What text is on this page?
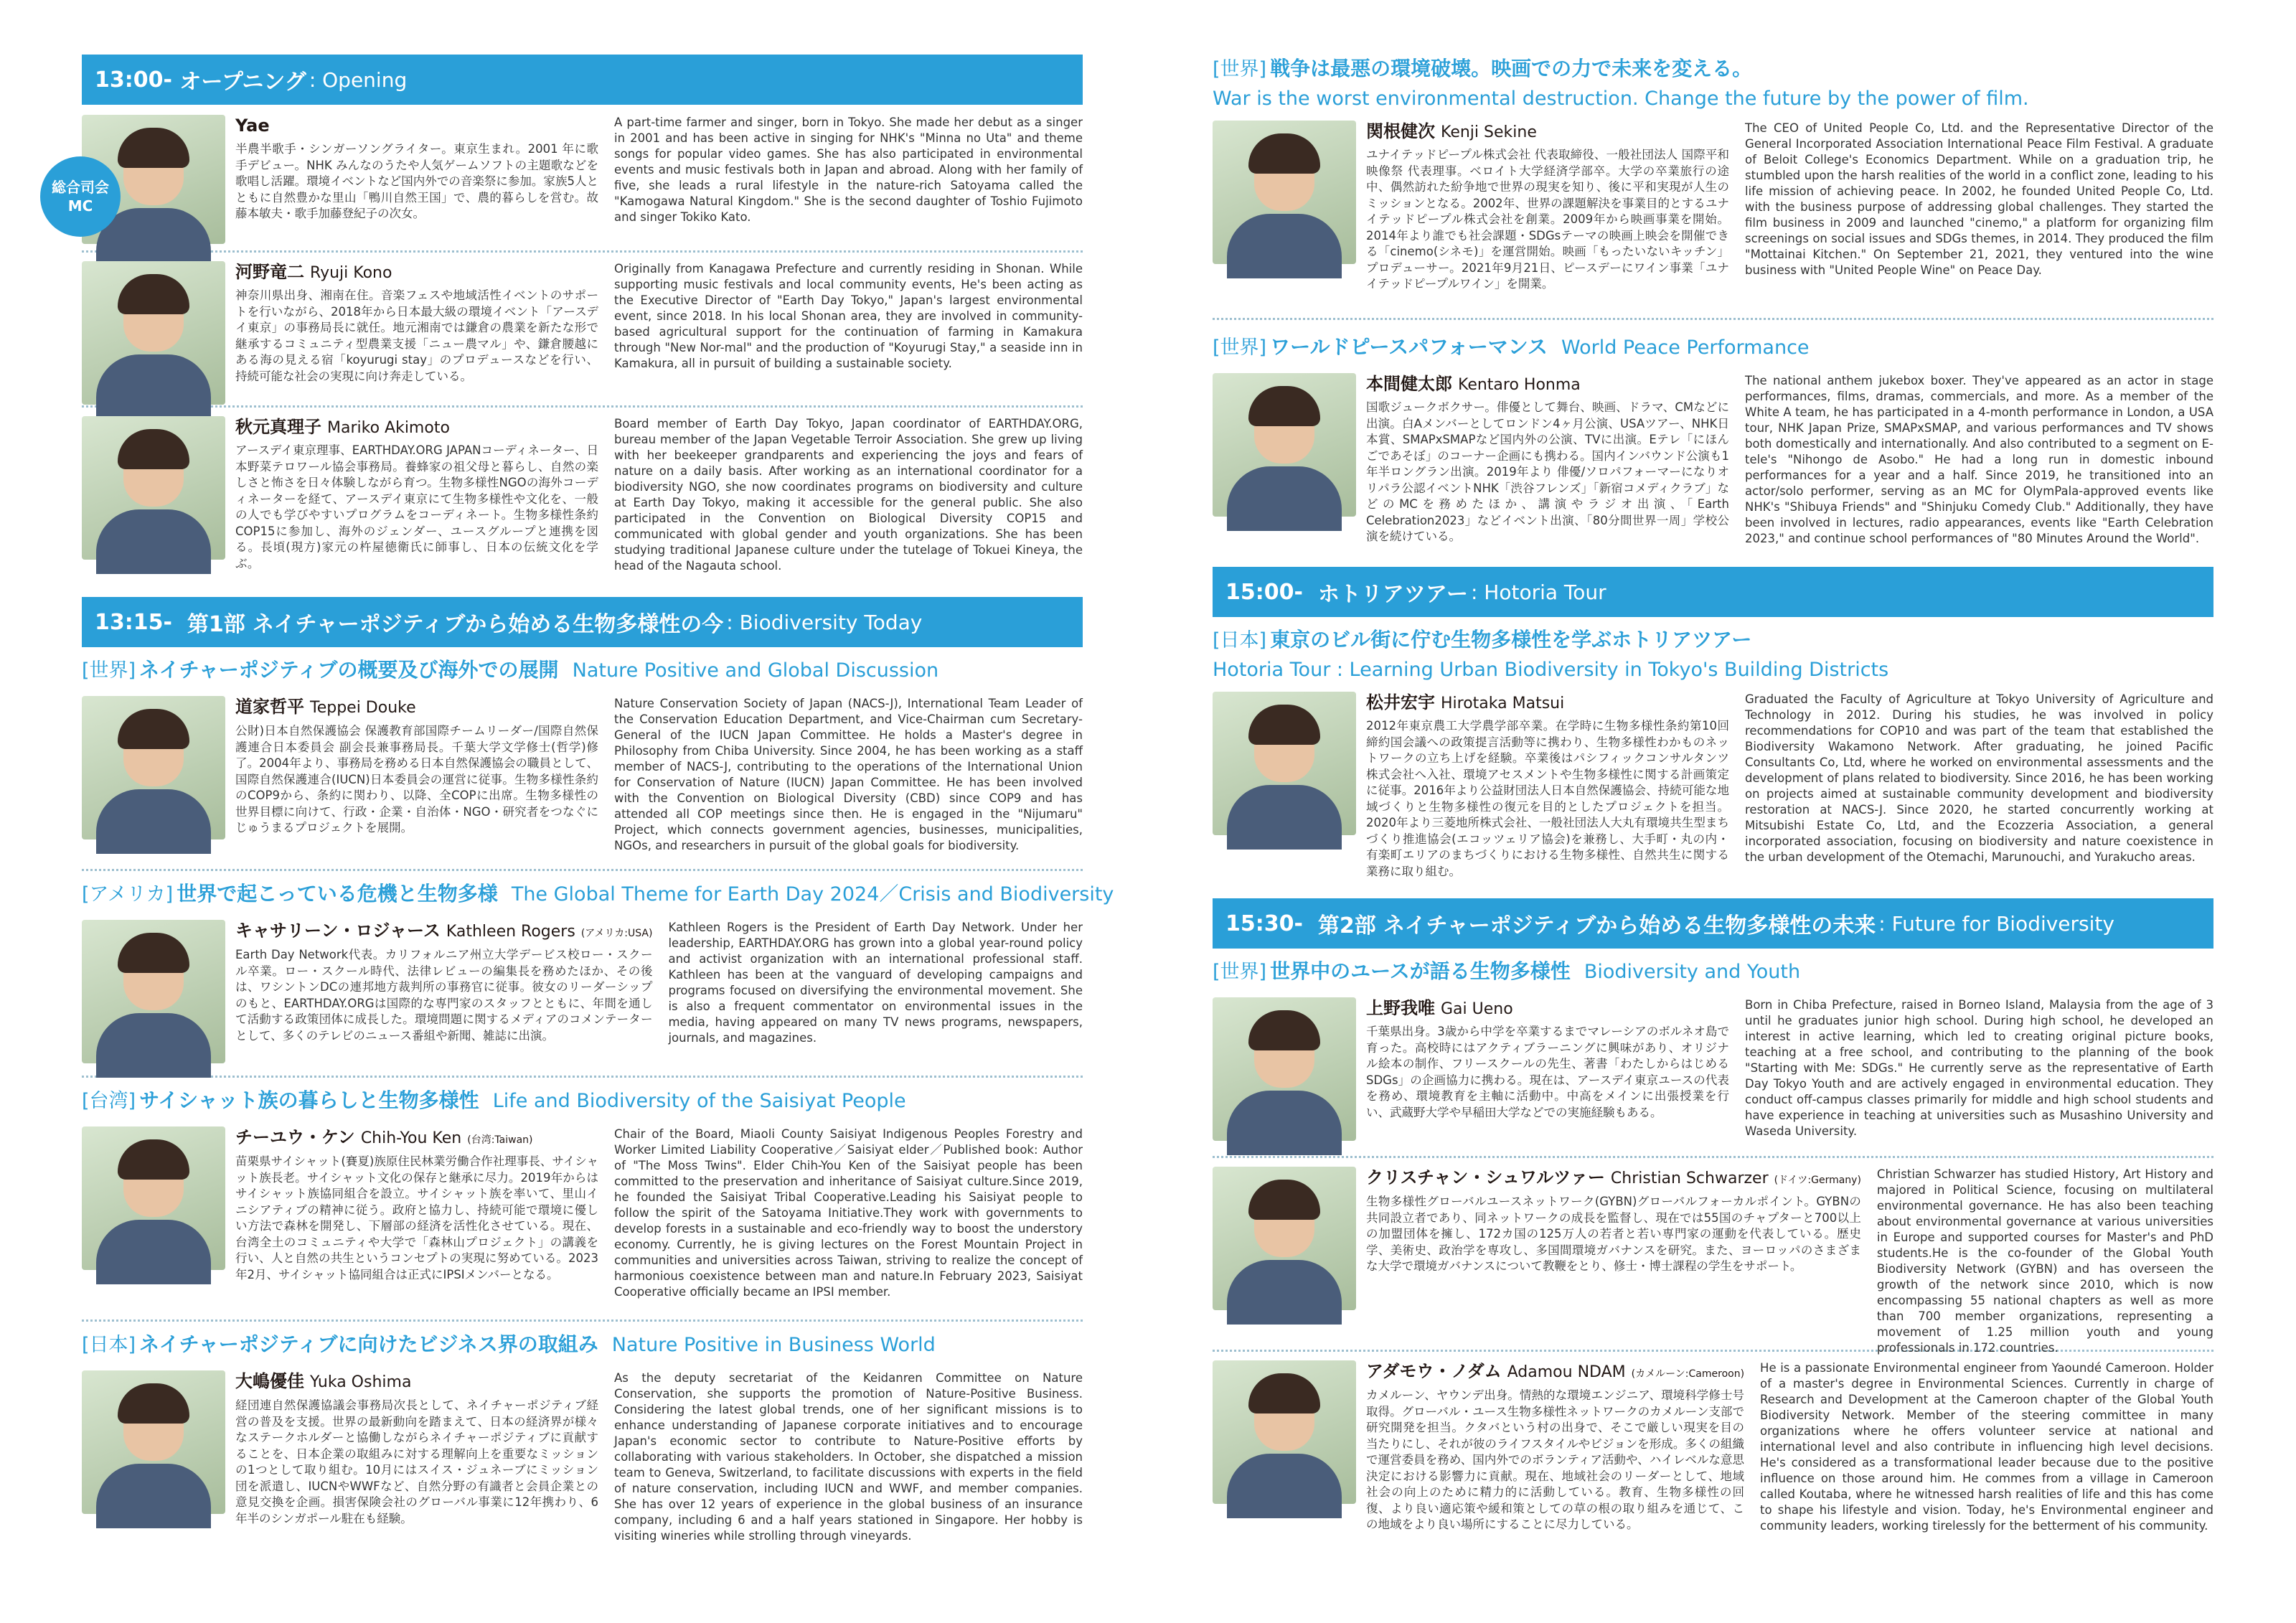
13:00-
オープニング : Opening
総合司会
MC
Yae
半農半歌手・シンガーソングライター。東京生まれ。2001 年に歌手デビュー。NHK みんなのうたや人気ゲームソフトの主題歌などを歌唱し活躍。環境イベントなど国内外での音楽祭に参加。家族5人とともに自然豊かな里山「鴨川自然王国」で、農的暮らしを営む。故藤本敏夫・歌手加藤登紀子の次女。
A part-time farmer and singer, born in Tokyo. She made her debut as a singer in 2001 and has been active in singing for NHK's "Minna no Uta" and theme songs for popular video games. She has also participated in environmental events and music festivals both in Japan and abroad. Along with her family of five, she leads a rural lifestyle in the nature-rich Satoyama called the "Kamogawa Natural Kingdom." She is the second daughter of Toshio Fujimoto and singer Tokiko Kato.
河野竜二 Ryuji Kono
神奈川県出身、湘南在住。音楽フェスや地域活性イベントのサポートを行いながら、2018年から日本最大級の環境イベント「アースデイ東京」の事務局長に就任。地元湘南では鎌倉の農業を新たな形で継承するコミュニティ型農業支援「ニュー農マル」や、鎌倉腰越にある海の見える宿「koyurugi stay」のプロデュースなどを行い、持続可能な社会の実現に向け奔走している。
Originally from Kanagawa Prefecture and currently residing in Shonan. While supporting music festivals and local community events, He's been acting as the Executive Director of "Earth Day Tokyo," Japan's largest environmental event, since 2018. In his local Shonan area, they are involved in community-based agricultural support for the continuation of farming in Kamakura through "New Nor-mal" and the production of "Koyurugi Stay," a seaside inn in Kamakura, all in pursuit of building a sustainable society.
秋元真理子 Mariko Akimoto
アースデイ東京理事、EARTHDAY.ORG JAPANコーディネーター、日本野菜テロワール協会事務局。養蜂家の祖父母と暮らし、自然の楽しさと怖さを日々体験しながら育つ。生物多様性NGOの海外コーディネーターを経て、アースデイ東京にて生物多様性や文化を、一般の人でも学びやすいプログラムをコーディネート。生物多様性条約COP15に参加し、海外のジェンダー、ユースグループと連携を図る。長頃(現方)家元の杵屋徳衛氏に師事し、日本の伝統文化を学ぶ。
Board member of Earth Day Tokyo, Japan coordinator of EARTHDAY.ORG, bureau member of the Japan Vegetable Terroir Association. She grew up living with her beekeeper grandparents and experiencing the joys and fears of nature on a daily basis. After working as an international coordinator for a biodiversity NGO, she now coordinates programs on biodiversity and culture at Earth Day Tokyo, making it accessible for the general public. She also participated in the Convention on Biological Diversity COP15 and communicated with global gender and youth organizations. She has been studying traditional Japanese culture under the tutelage of Tokuei Kineya, the head of the Nagauta school.
13:15-
第1部 ネイチャーポジティブから始める生物多様性の今 : Biodiversity Today
[世界] ネイチャーポジティブの概要及び海外での展開 Nature Positive and Global Discussion
道家哲平 Teppei Douke
公財)日本自然保護協会 保護教育部国際チームリーダー/国際自然保護連合日本委員会 副会長兼事務局長。千葉大学文学修士(哲学)修了。2004年より、事務局を務める日本自然保護協会の職員として、国際自然保護連合(IUCN)日本委員会の運営に従事。生物多様性条約のCOP9から、条約に関わり、以降、全COPに出席。生物多様性の世界目標に向けて、行政・企業・自治体・NGO・研究者をつなぐにじゅうまるプロジェクトを展開。
Nature Conservation Society of Japan (NACS-J), International Team Leader of the Conservation Education Department, and Vice-Chairman cum Secretary-General of the IUCN Japan Committee. He holds a Master's degree in Philosophy from Chiba University. Since 2004, he has been working as a staff member of NACS-J, contributing to the operations of the International Union for Conservation of Nature (IUCN) Japan Committee. He has been involved with the Convention on Biological Diversity (CBD) since COP9 and has attended all COP meetings since then. He is engaged in the "Nijumaru" Project, which connects government agencies, businesses, municipalities, NGOs, and researchers in pursuit of the global goals for biodiversity.
[アメリカ] 世界で起こっている危機と生物多様 The Global Theme for Earth Day 2024／Crisis and Biodiversity
キャサリーン・ロジャース Kathleen Rogers (アメリカ:USA)
Earth Day Network代表。カリフォルニア州立大学デービス校ロー・スクール卒業。ロー・スクール時代、法律レビューの編集長を務めたほか、その後は、ワシントンDCの連邦地方裁判所の事務官に従事。彼女のリーダーシップのもと、EARTHDAY.ORGは国際的な専門家のスタッフとともに、年間を通して活動する政策団体に成長した。環境問題に関するメディアのコメンテーターとして、多くのテレビのニュース番組や新聞、雑誌に出演。
Kathleen Rogers is the President of Earth Day Network. Under her leadership, EARTHDAY.ORG has grown into a global year-round policy and activist organization with an international professional staff. Kathleen has been at the vanguard of developing campaigns and programs focused on diversifying the environmental movement. She is also a frequent commentator on environmental issues in the media, having appeared on many TV news programs, newspapers, journals, and magazines.
[台湾] サイシャット族の暮らしと生物多様性 Life and Biodiversity of the Saisiyat People
チーユウ・ケン Chih-You Ken (台湾:Taiwan)
苗栗県サイシャット(賽夏)族原住民林業労働合作社理事長、サイシャット族長老。サイシャット文化の保存と継承に尽力。2019年からはサイシャット族協同組合を設立。サイシャット族を率いて、里山イニシアティブの精神に従う。政府と協力し、持続可能で環境に優しい方法で森林を開発し、下層部の経済を活性化させている。現在、台湾全土のコミュニティや大学で「森林山プロジェクト」の講義を行い、人と自然の共生というコンセプトの実現に努めている。2023年2月、サイシャット協同組合は正式にIPSIメンバーとなる。
Chair of the Board, Miaoli County Saisiyat Indigenous Peoples Forestry and Worker Limited Liability Cooperative／Saisiyat elder／Published book: Author of "The Moss Twins". Elder Chih-You Ken of the Saisiyat people has been committed to the preservation and inheritance of Saisiyat culture.Since 2019, he founded the Saisiyat Tribal Cooperative.Leading his Saisiyat people to follow the spirit of the Satoyama Initiative.They work with governments to develop forests in a sustainable and eco-friendly way to boost the understory economy. Currently, he is giving lectures on the Forest Mountain Project in communities and universities across Taiwan, striving to realize the concept of harmonious coexistence between man and nature.In February 2023, Saisiyat Cooperative officially became an IPSI member.
[日本] ネイチャーポジティブに向けたビジネス界の取組み Nature Positive in Business World
大嶋優佳 Yuka Oshima
経団連自然保護協議会事務局次長として、ネイチャーポジティブ経営の普及を支援。世界の最新動向を踏まえて、日本の経済界が様々なステークホルダーと協働しながらネイチャーポジティブに貢献することを、日本企業の取組みに対する理解向上を重要なミッションの1つとして取り組む。10月にはスイス・ジュネーブにミッション団を派遣し、IUCNやWWFなど、自然分野の有識者と会員企業との意見交換を企画。損害保険会社のグローバル事業に12年携わり、6年半のシンガポール駐在も経験。
As the deputy secretariat of the Keidanren Committee on Nature Conservation, she supports the promotion of Nature-Positive Business. Considering the latest global trends, one of her significant missions is to enhance understanding of Japanese corporate initiatives and to encourage Japan's economic sector to contribute to Nature-Positive efforts by collaborating with various stakeholders. In October, she dispatched a mission team to Geneva, Switzerland, to facilitate discussions with experts in the field of nature conservation, including IUCN and WWF, and member companies. She has over 12 years of experience in the global business of an insurance company, including 6 and a half years stationed in Singapore. Her hobby is visiting wineries while strolling through vineyards.
[世界] 戦争は最悪の環境破壊。映画での力で未来を変える。
War is the worst environmental destruction. Change the future by the power of film.
関根健次 Kenji Sekine
ユナイテッドピープル株式会社 代表取締役、一般社団法人 国際平和映像祭 代表理事。ベロイト大学経済学部卒。大学の卒業旅行の途中、偶然訪れた紛争地で世界の現実を知り、後に平和実現が人生のミッションとなる。2002年、世界の課題解決を事業目的とするユナイテッドピープル株式会社を創業。2009年から映画事業を開始。2014年より誰でも社会課題・SDGsテーマの映画上映会を開催できる「cinemo(シネモ)」を運営開始。映画「もったいないキッチン」プロデューサー。2021年9月21日、ピースデーにワイン事業「ユナイテッドピープルワイン」を開業。
The CEO of United People Co, Ltd. and the Representative Director of the General Incorporated Association International Peace Film Festival. A graduate of Beloit College's Economics Department. While on a graduation trip, he stumbled upon the harsh realities of the world in a conflict zone, leading to his life mission of achieving peace. In 2002, he founded United People Co, Ltd. with the business purpose of addressing global challenges. They started the film business in 2009 and launched "cinemo," a platform for organizing film screenings on social issues and SDGs themes, in 2014. They produced the film "Mottainai Kitchen." On September 21, 2021, they ventured into the wine business with "United People Wine" on Peace Day.
[世界] ワールドピースパフォーマンス World Peace Performance
本間健太郎 Kentaro Honma
国歌ジュークボクサー。俳優として舞台、映画、ドラマ、CMなどに出演。白Aメンバーとしてロンドン4ヶ月公演、USAツアー、NHK日本賞、SMAPxSMAPなど国内外の公演、TVに出演。Eテレ「にほんごであそぼ」のコーナー企画にも携わる。国内インバウンド公演も1年半ロングラン出演。2019年より 俳優/ソロパフォーマーになりオリパラ公認イベントNHK「渋谷フレンズ」「新宿コメディクラブ」などのMCを務めたほか、講演やラジオ出演、「Earth Celebration2023」などイベント出演、「80分間世界一周」学校公演を続けている。
The national anthem jukebox boxer. They've appeared as an actor in stage performances, films, dramas, commercials, and more. As a member of the White A team, he has participated in a 4-month performance in London, a USA tour, NHK Japan Prize, SMAPxSMAP, and various performances and TV shows both domestically and internationally. And also contributed to a segment on E-tele's "Nihongo de Asobo." He had a long run in domestic inbound performances for a year and a half. Since 2019, he transitioned into an actor/solo performer, serving as an MC for OlymPala-approved events like NHK's "Shibuya Friends" and "Shinjuku Comedy Club." Additionally, they have been involved in lectures, radio appearances, events like "Earth Celebration 2023," and continue school performances of "80 Minutes Around the World".
15:00-
ホトリアツアー : Hotoria Tour
[日本] 東京のビル街に佇む生物多様性を学ぶホトリアツアー
Hotoria Tour : Learning Urban Biodiversity in Tokyo's Building Districts
松井宏宇 Hirotaka Matsui
2012年東京農工大学農学部卒業。在学時に生物多様性条約第10回締約国会議への政策提言活動等に携わり、生物多様性わかものネットワークの立ち上げを経験。卒業後はパシフィックコンサルタンツ株式会社へ入社、環境アセスメントや生物多様性に関する計画策定に従事。2016年より公益財団法人日本自然保護協会、持続可能な地域づくりと生物多様性の復元を目的としたプロジェクトを担当。2020年より三菱地所株式会社、一般社団法人大丸有環境共生型まちづくり推進協会(エコッツェリア協会)を兼務し、大手町・丸の内・有楽町エリアのまちづくりにおける生物多様性、自然共生に関する業務に取り組む。
Graduated the Faculty of Agriculture at Tokyo University of Agriculture and Technology in 2012. During his studies, he was involved in policy recommendations for COP10 and was part of the team that established the Biodiversity Wakamono Network. After graduating, he joined Pacific Consultants Co, Ltd, where he worked on environmental assessments and the development of plans related to biodiversity. Since 2016, he has been working on projects aimed at sustainable community development and biodiversity restoration at NACS-J. Since 2020, he started concurrently working at Mitsubishi Estate Co, Ltd, and the Ecozzeria Association, a general incorporated association, focusing on biodiversity and nature coexistence in the urban development of the Otemachi, Marunouchi, and Yurakucho areas.
15:30-
第2部 ネイチャーポジティブから始める生物多様性の未来 : Future for Biodiversity
[世界] 世界中のユースが語る生物多様性 Biodiversity and Youth
上野我唯 Gai Ueno
千葉県出身。3歳から中学を卒業するまでマレーシアのボルネオ島で育った。高校時にはアクティブラーニングに興味があり、オリジナル絵本の制作、フリースクールの先生、著書「わたしからはじめるSDGs」の企画協力に携わる。現在は、アースデイ東京ユースの代表を務め、環境教育を主軸に活動中。中高をメインに出張授業を行い、武蔵野大学や早稲田大学などでの実施経験もある。
Born in Chiba Prefecture, raised in Borneo Island, Malaysia from the age of 3 until he graduates junior high school. During high school, he developed an interest in active learning, which led to creating original picture books, teaching at a free school, and contributing to the planning of the book "Starting with Me: SDGs." He currently serve as the representative of Earth Day Tokyo Youth and are actively engaged in environmental education. They conduct off-campus classes primarily for middle and high school students and have experience in teaching at universities such as Musashino University and Waseda University.
クリスチャン・シュワルツァー Christian Schwarzer (ドイツ:Germany)
生物多様性グローバルユースネットワーク(GYBN)グローバルフォーカルポイント。GYBNの共同設立者であり、同ネットワークの成長を監督し、現在では55国のチャプターと700以上の加盟団体を擁し、172カ国の125万人の若者と若い専門家の運動を代表している。歴史学、美術史、政治学を専攻し、多国間環境ガバナンスを研究。また、ヨーロッパのさまざまな大学で環境ガバナンスについて教鞭をとり、修士・博士課程の学生をサポート。
Christian Schwarzer has studied History, Art History and majored in Political Science, focusing on multilateral environmental governance. He has also been teaching about environmental governance at various universities in Europe and supported courses for Master's and PhD students.He is the co-founder of the Global Youth Biodiversity Network (GYBN) and has overseen the growth of the network since 2010, which is now encompassing 55 national chapters as well as more than 700 member organizations, representing a movement of 1.25 million youth and young professionals in 172 countries.
アダモウ・ノダム Adamou NDAM (カメルーン:Cameroon)
カメルーン、ヤウンデ出身。情熱的な環境エンジニア、環境科学修士号取得。グローバル・ユース生物多様性ネットワークのカメルーン支部で研究開発を担当。クタバという村の出身で、そこで厳しい現実を目の当たりにし、それが彼のライフスタイルやビジョンを形成。多くの組織で運営委員を務め、国内外でのボランティア活動や、ハイレベルな意思決定における影響力に貢献。現在、地域社会のリーダーとして、地域社会の向上のために精力的に活動している。教育、生物多様性の回復、より良い適応策や緩和策としての草の根の取り組みを通じて、この地域をより良い場所にすることに尽力している。
He is a passionate Environmental engineer from Yaoundé Cameroon. Holder of a master's degree in Environmental Sciences. Currently in charge of Research and Development at the Cameroon chapter of the Global Youth Biodiversity Network. Member of the steering committee in many organizations where he offers volunteer service at national and international level and also contribute in influencing high level decisions. He's considered as a transformational leader because due to the positive influence on those around him. He commes from a village in Cameroon called Koutaba, where he witnessed harsh realities of life and this has come to shape his lifestyle and vision. Today, he's Environmental engineer and community leaders, working tirelessly for the betterment of his community.
